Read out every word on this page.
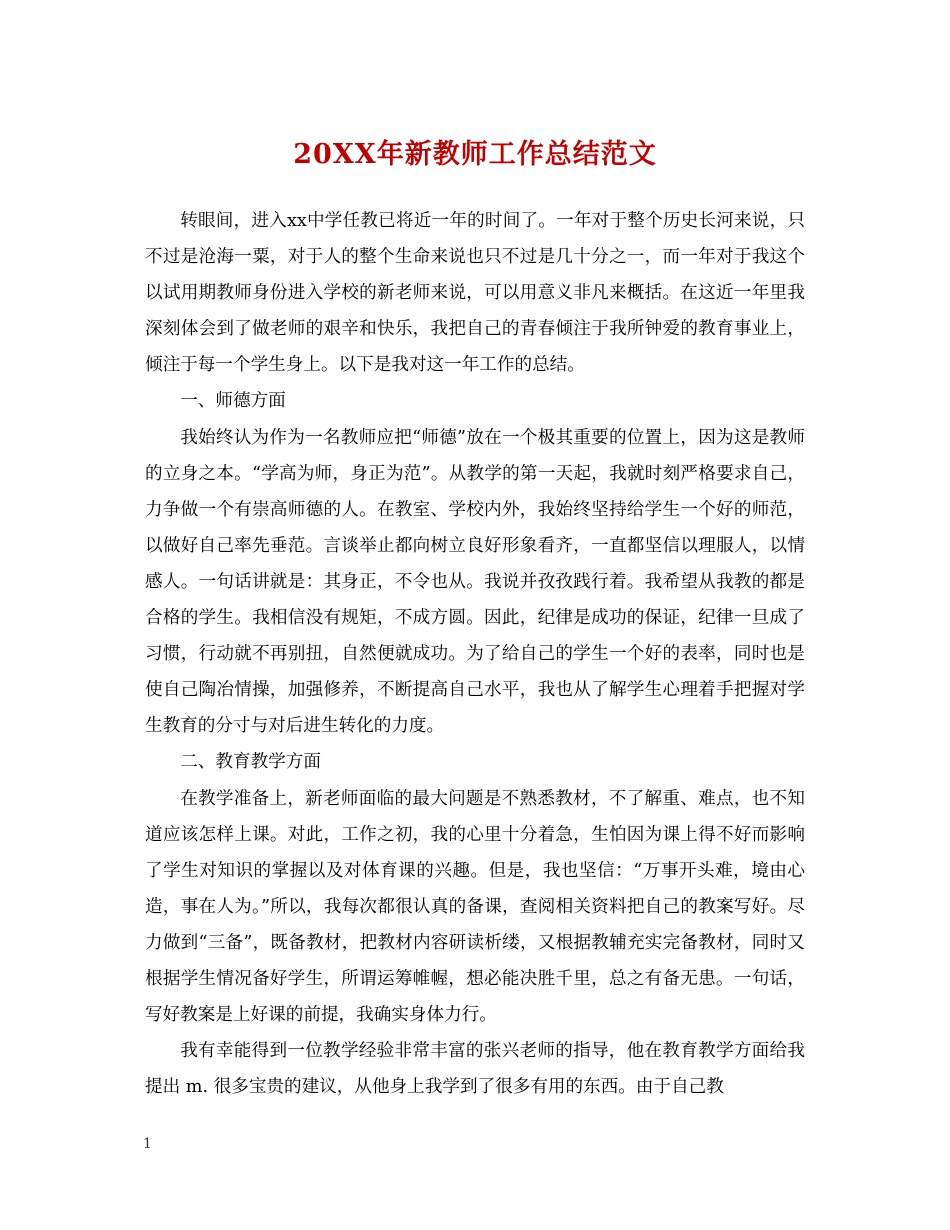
20XX年新教师工作总结范文

转眼间，进入xx中学任教已将近一年的时间了。一年对于整个历史长河来说，只不过是沧海一粟，对于人的整个生命来说也只不过是几十分之一，而一年对于我这个以试用期教师身份进入学校的新老师来说，可以用意义非凡来概括。在这近一年里我深刻体会到了做老师的艰辛和快乐，我把自己的青春倾注于我所钟爱的教育事业上，倾注于每一个学生身上。以下是我对这一年工作的总结。

一、师德方面

我始终认为作为一名教师应把“师德”放在一个极其重要的位置上，因为这是教师的立身之本。“学高为师，身正为范”。从教学的第一天起，我就时刻严格要求自己，力争做一个有崇高师德的人。在教室、学校内外，我始终坚持给学生一个好的师范，以做好自己率先垂范。言谈举止都向树立良好形象看齐，一直都坚信以理服人，以情感人。一句话讲就是：其身正，不令也从。我说并孜孜践行着。我希望从我教的都是合格的学生。我相信没有规矩，不成方圆。因此，纪律是成功的保证，纪律一旦成了习惯，行动就不再别扭，自然便就成功。为了给自己的学生一个好的表率，同时也是使自己陶冶情操，加强修养，不断提高自己水平，我也从了解学生心理着手把握对学生教育的分寸与对后进生转化的力度。

二、教育教学方面

在教学准备上，新老师面临的最大问题是不熟悉教材，不了解重、难点，也不知道应该怎样上课。对此，工作之初，我的心里十分着急，生怕因为课上得不好而影响了学生对知识的掌握以及对体育课的兴趣。但是，我也坚信：“万事开头难，境由心造，事在人为。”所以，我每次都很认真的备课，查阅相关资料把自己的教案写好。尽力做到“三备”，既备教材，把教材内容研读析缕，又根据教辅充实完备教材，同时又根据学生情况备好学生，所谓运筹帷幄，想必能决胜千里，总之有备无患。一句话，写好教案是上好课的前提，我确实身体力行。

我有幸能得到一位教学经验非常丰富的张兴老师的指导，他在教育教学方面给我提出 m. 很多宝贵的建议，从他身上我学到了很多有用的东西。由于自己教

1
